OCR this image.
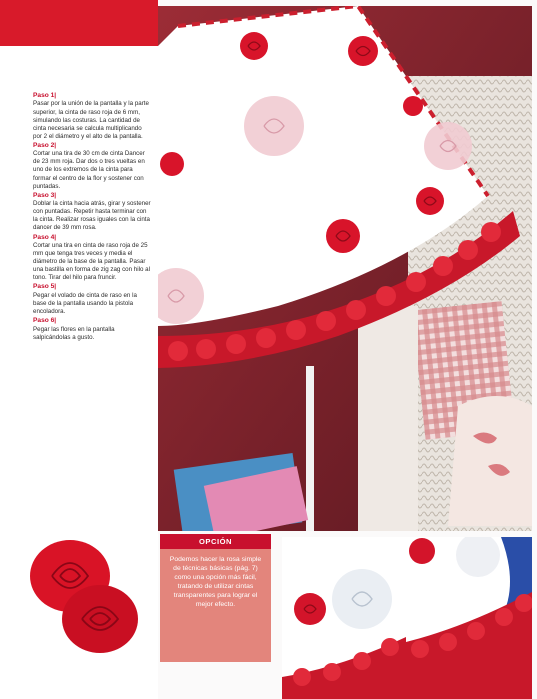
Paso 1|
Pasar por la unión de la pantalla y la parte superior, la cinta de raso roja de 6 mm, simulando las costuras. La cantidad de cinta necesaria se calcula multiplicando por 2 el diámetro y el alto de la pantalla.
Paso 2|
Cortar una tira de 30 cm de cinta Dancer de 23 mm roja. Dar dos o tres vueltas en uno de los extremos de la cinta para formar el centro de la flor y sostener con puntadas.
Paso 3|
Doblar la cinta hacia atrás, girar y sostener con puntadas. Repetir hasta terminar con la cinta. Realizar rosas iguales con la cinta dancer de 39 mm rosa.
Paso 4|
Cortar una tira en cinta de raso roja de 25 mm que tenga tres veces y media el diámetro de la base de la pantalla. Pasar una bastilla en forma de zig zag con hilo al tono. Tirar del hilo para fruncir.
Paso 5|
Pegar el volado de cinta de raso en la base de la pantalla usando la pistola encoladora.
Paso 6|
Pegar las flores en la pantalla salpicándolas a gusto.
OPCIÓN
Podemos hacer la rosa simple de técnicas básicas (pág. 7) como una opción más fácil, tratando de utilizar cintas transparentes para lograr el mejor efecto.
